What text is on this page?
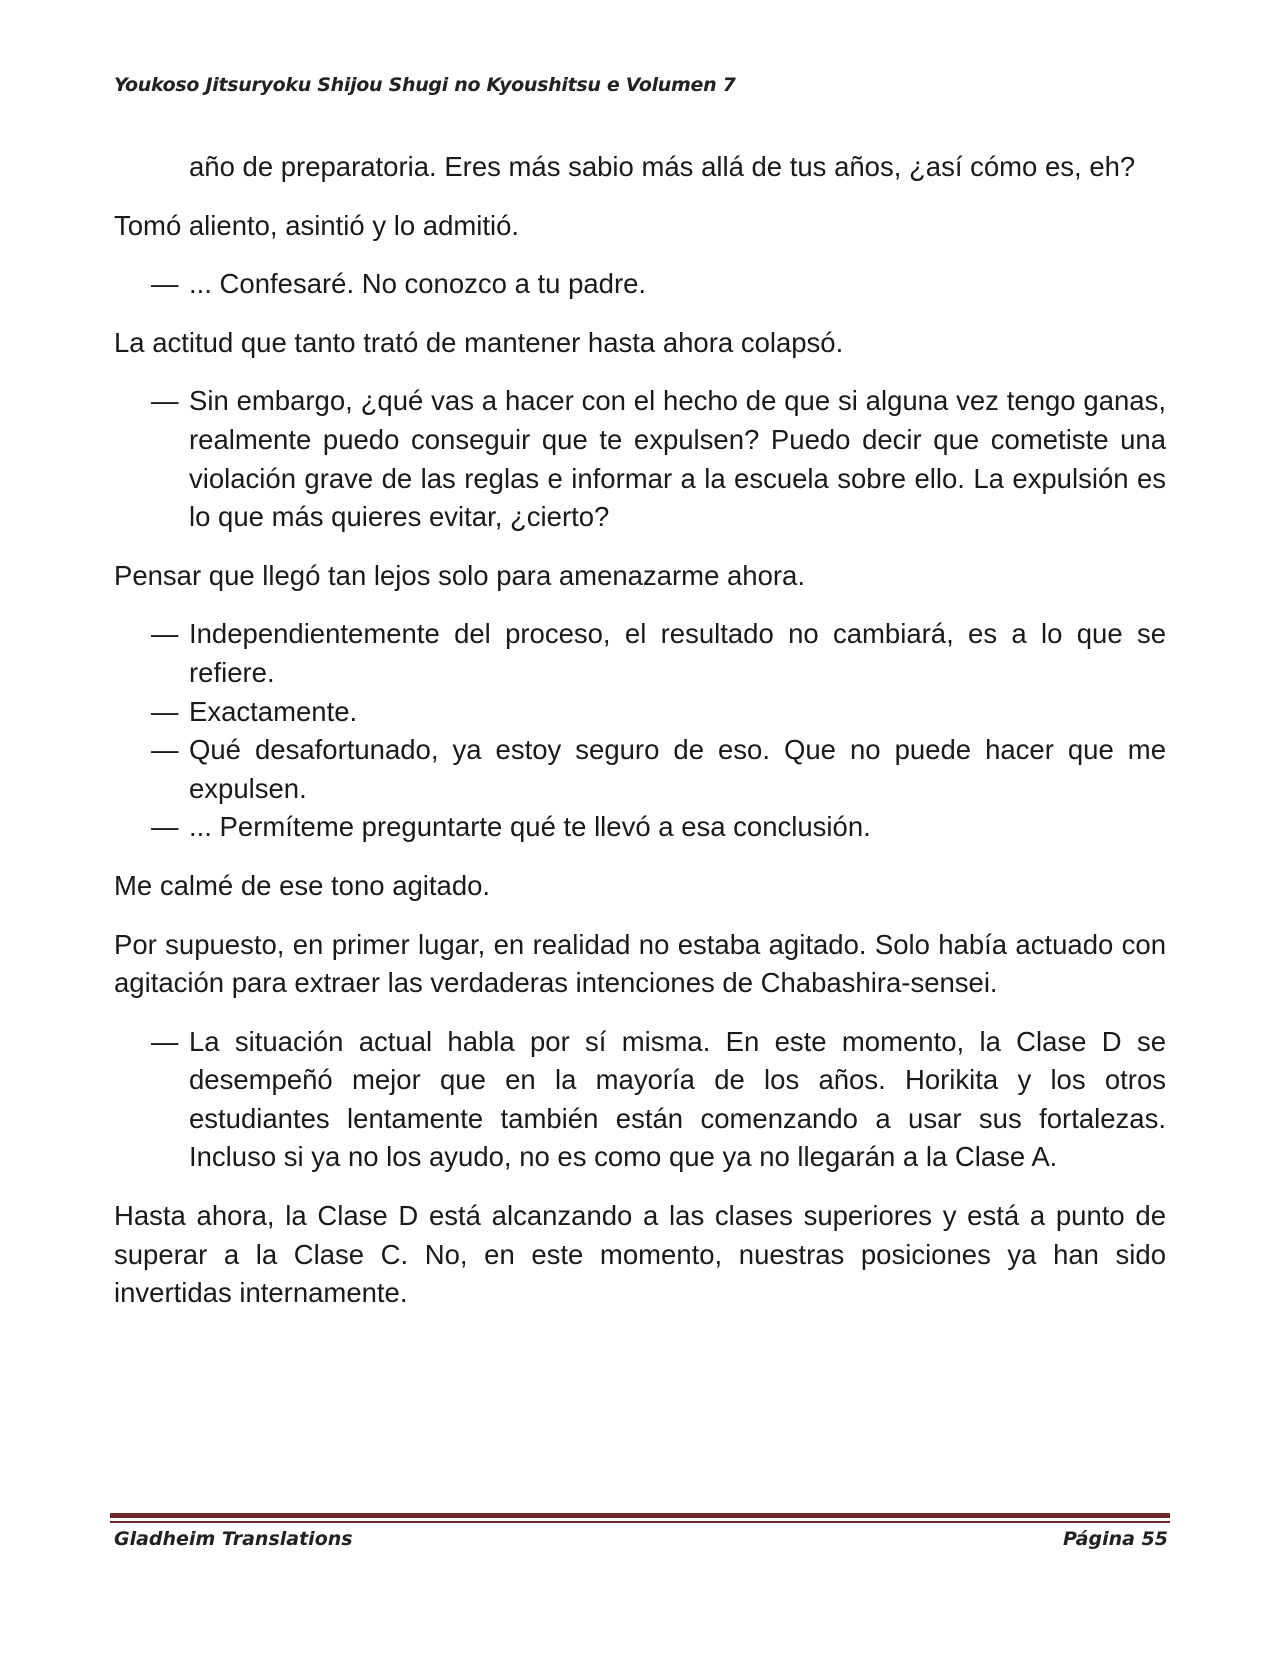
Youkoso Jitsuryoku Shijou Shugi no Kyoushitsu e Volumen 7

año de preparatoria. Eres más sabio más allá de tus años, ¿así cómo es, eh?

Tomó aliento, asintió y lo admitió.

— ... Confesaré. No conozco a tu padre.

La actitud que tanto trató de mantener hasta ahora colapsó.

— Sin embargo, ¿qué vas a hacer con el hecho de que si alguna vez tengo ganas, realmente puedo conseguir que te expulsen? Puedo decir que cometiste una violación grave de las reglas e informar a la escuela sobre ello. La expulsión es lo que más quieres evitar, ¿cierto?

Pensar que llegó tan lejos solo para amenazarme ahora.

— Independientemente del proceso, el resultado no cambiará, es a lo que se refiere.

— Exactamente.

— Qué desafortunado, ya estoy seguro de eso. Que no puede hacer que me expulsen.

— ... Permíteme preguntarte qué te llevó a esa conclusión.

Me calmé de ese tono agitado.

Por supuesto, en primer lugar, en realidad no estaba agitado. Solo había actuado con agitación para extraer las verdaderas intenciones de Chabashira-sensei.

— La situación actual habla por sí misma. En este momento, la Clase D se desempeñó mejor que en la mayoría de los años. Horikita y los otros estudiantes lentamente también están comenzando a usar sus fortalezas. Incluso si ya no los ayudo, no es como que ya no llegarán a la Clase A.

Hasta ahora, la Clase D está alcanzando a las clases superiores y está a punto de superar a la Clase C. No, en este momento, nuestras posiciones ya han sido invertidas internamente.

Gladheim Translations	Página 55
